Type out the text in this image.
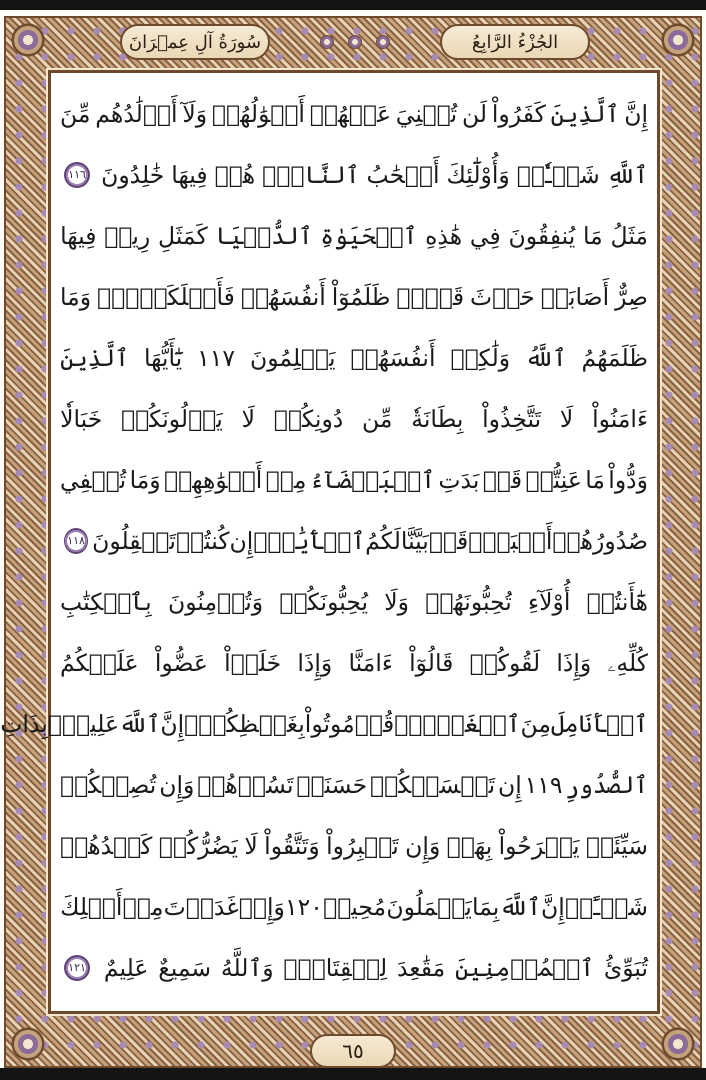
سُورَةُ آلِ عِمۡرَانَ	الجُزْءُ الرَّابِعُ
إِنَّ
ٱلَّذِينَ
كَفَرُواْ
لَن
تُغۡنِيَ
عَنۡهُمۡ
أَمۡوَٰلُهُمۡ
وَلَآ
أَوۡلَٰدُهُم
مِّنَ
ٱللَّهِ
شَيۡـٔٗاۖ
وَأُوْلَٰٓئِكَ
أَصۡحَٰبُ
ٱلنَّارِۖ
هُمۡ
فِيهَا
خَٰلِدُونَ
١١٦
مَثَلُ
مَا
يُنفِقُونَ
فِي
هَٰذِهِ
ٱلۡحَيَوٰةِ
ٱلدُّنۡيَا
كَمَثَلِ
رِيحٖ
فِيهَا
صِرٌّ
أَصَابَتۡ
حَرۡثَ
قَوۡمٖ
ظَلَمُوٓاْ
أَنفُسَهُمۡ
فَأَهۡلَكَتۡهُۚ
وَمَا
ظَلَمَهُمُ
ٱللَّهُ
وَلَٰكِنۡ
أَنفُسَهُمۡ
يَظۡلِمُونَ
١١٧
يَٰٓأَيُّهَا
ٱلَّذِينَ
ءَامَنُواْ
لَا
تَتَّخِذُواْ
بِطَانَةٗ
مِّن
دُونِكُمۡ
لَا
يَأۡلُونَكُمۡ
خَبَالٗا
وَدُّواْ
مَا
عَنِتُّمۡ
قَدۡ
بَدَتِ
ٱلۡبَغۡضَآءُ
مِنۡ
أَفۡوَٰهِهِمۡ
وَمَا
تُخۡفِي
صُدُورُهُمۡ
أَكۡبَرُۚ
قَدۡ
بَيَّنَّا
لَكُمُ
ٱلۡأٓيَٰتِۖ
إِن
كُنتُمۡ
تَعۡقِلُونَ
١١٨
هَٰٓأَنتُمۡ
أُوْلَآءِ
تُحِبُّونَهُمۡ
وَلَا
يُحِبُّونَكُمۡ
وَتُؤۡمِنُونَ
بِٱلۡكِتَٰبِ
كُلِّهِۦ
وَإِذَا
لَقُوكُمۡ
قَالُوٓاْ
ءَامَنَّا
وَإِذَا
خَلَوۡاْ
عَضُّواْ
عَلَيۡكُمُ
ٱلۡأَنَامِلَ
مِنَ
ٱلۡغَيۡظِۚ
قُلۡ
مُوتُواْ
بِغَيۡظِكُمۡۗ
إِنَّ
ٱللَّهَ
عَلِيمُۢ
بِذَاتِ
ٱلصُّدُورِ
١١٩
إِن
تَمۡسَسۡكُمۡ
حَسَنَةٞ
تَسُؤۡهُمۡ
وَإِن
تُصِبۡكُمۡ
سَيِّئَةٞ
يَفۡرَحُواْ
بِهَاۖ
وَإِن
تَصۡبِرُواْ
وَتَتَّقُواْ
لَا
يَضُرُّكُمۡ
كَيۡدُهُمۡ
شَيۡـًٔاۗ
إِنَّ
ٱللَّهَ
بِمَا
يَعۡمَلُونَ
مُحِيطٞ
١٢٠
وَإِذۡ
غَدَوۡتَ
مِنۡ
أَهۡلِكَ
تُبَوِّئُ
ٱلۡمُؤۡمِنِينَ
مَقَٰعِدَ
لِلۡقِتَالِۗ
وَٱللَّهُ
سَمِيعٌ
عَلِيمٌ
١٢١
٦٥
